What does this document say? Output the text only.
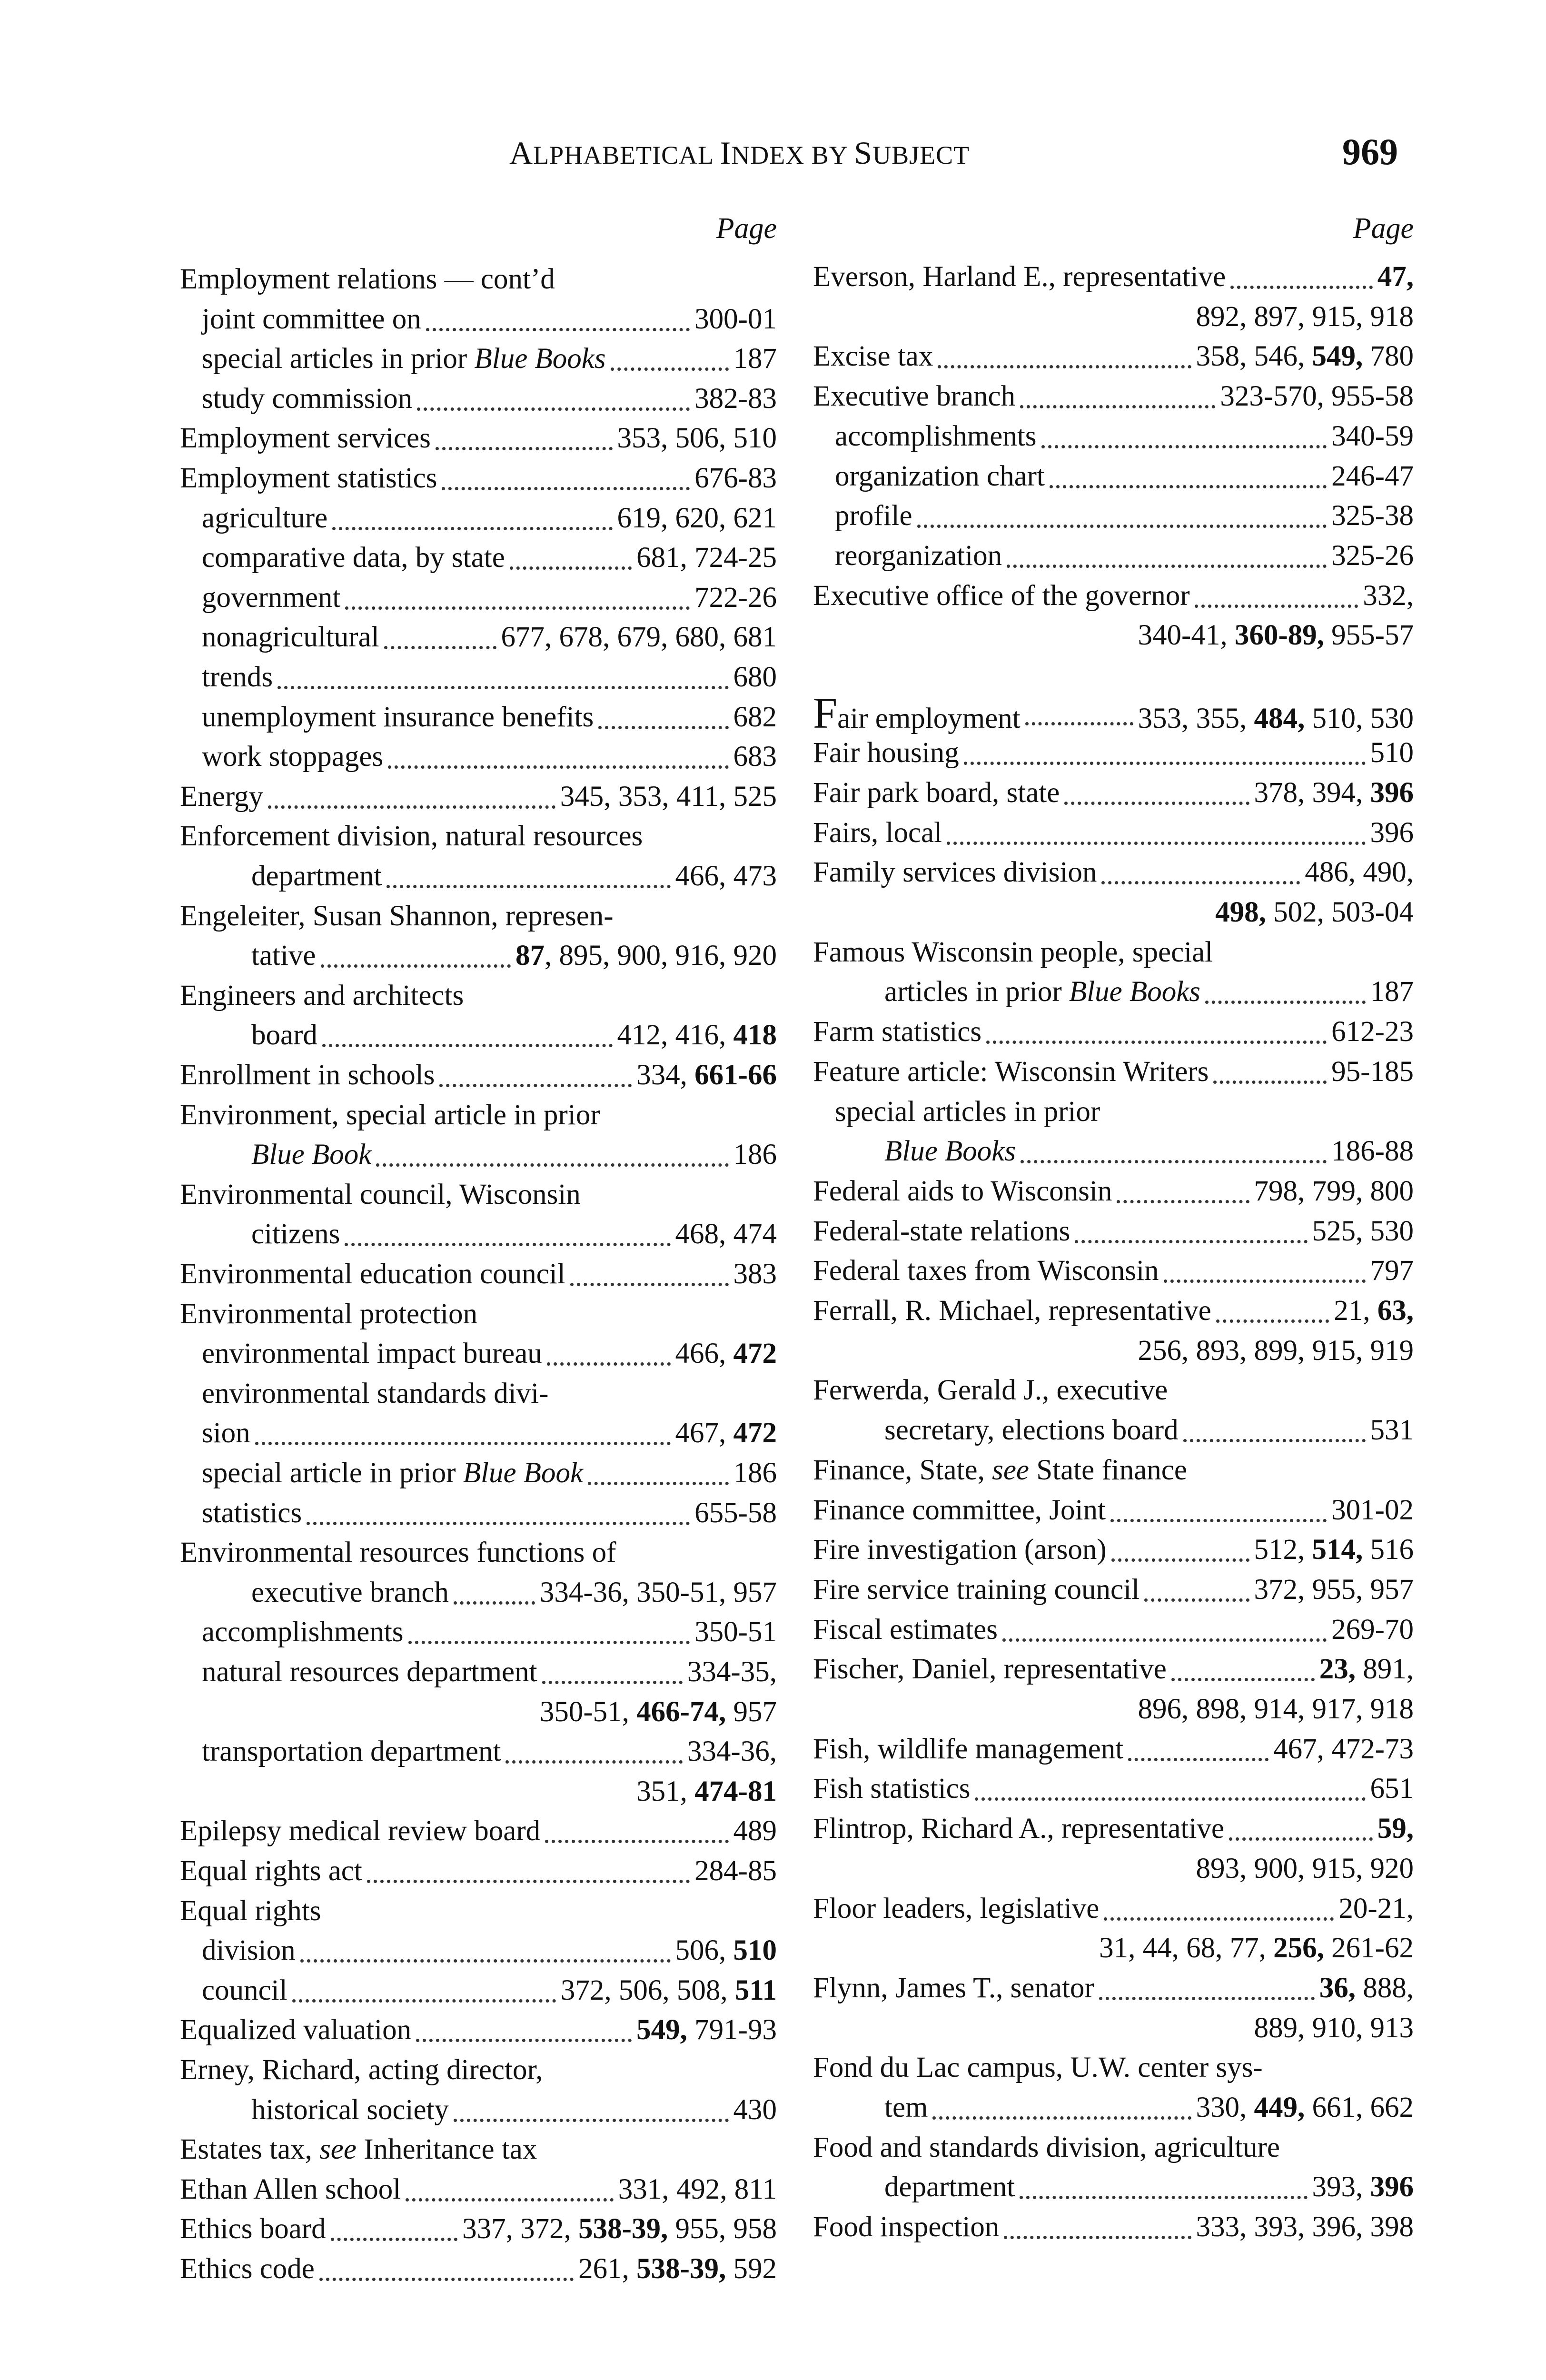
ALPHABETICAL INDEX BY SUBJECT	969
Page
Employment relations — cont’d
joint committee on	300-01
special articles in prior Blue Books	187
study commission	382-83
Employment services	353, 506, 510
Employment statistics	676-83
agriculture	619, 620, 621
comparative data, by state	681, 724-25
government	722-26
nonagricultural	677, 678, 679, 680, 681
trends	680
unemployment insurance benefits	682
work stoppages	683
Energy	345, 353, 411, 525
Enforcement division, natural resources
department	466, 473
Engeleiter, Susan Shannon, represen-
tative	87, 895, 900, 916, 920
Engineers and architects
board	412, 416, 418
Enrollment in schools	334, 661-66
Environment, special article in prior
Blue Book	186
Environmental council, Wisconsin
citizens	468, 474
Environmental education council	383
Environmental protection
environmental impact bureau	466, 472
environmental standards divi-
sion	467, 472
special article in prior Blue Book	186
statistics	655-58
Environmental resources functions of
executive branch	334-36, 350-51, 957
accomplishments	350-51
natural resources department	334-35,
350-51, 466-74, 957
transportation department	334-36,
351, 474-81
Epilepsy medical review board	489
Equal rights act	284-85
Equal rights
division	506, 510
council	372, 506, 508, 511
Equalized valuation	549, 791-93
Erney, Richard, acting director,
historical society	430
Estates tax, see Inheritance tax
Ethan Allen school	331, 492, 811
Ethics board	337, 372, 538-39, 955, 958
Ethics code	261, 538-39, 592
Page
Everson, Harland E., representative	47,
892, 897, 915, 918
Excise tax	358, 546, 549, 780
Executive branch	323-570, 955-58
accomplishments	340-59
organization chart	246-47
profile	325-38
reorganization	325-26
Executive office of the governor	332,
340-41, 360-89, 955-57
Fair employment	353, 355, 484, 510, 530
Fair housing	510
Fair park board, state	378, 394, 396
Fairs, local	396
Family services division	486, 490,
498, 502, 503-04
Famous Wisconsin people, special
articles in prior Blue Books	187
Farm statistics	612-23
Feature article: Wisconsin Writers	95-185
special articles in prior
Blue Books	186-88
Federal aids to Wisconsin	798, 799, 800
Federal-state relations	525, 530
Federal taxes from Wisconsin	797
Ferrall, R. Michael, representative	21, 63,
256, 893, 899, 915, 919
Ferwerda, Gerald J., executive
secretary, elections board	531
Finance, State, see State finance
Finance committee, Joint	301-02
Fire investigation (arson)	512, 514, 516
Fire service training council	372, 955, 957
Fiscal estimates	269-70
Fischer, Daniel, representative	23, 891,
896, 898, 914, 917, 918
Fish, wildlife management	467, 472-73
Fish statistics	651
Flintrop, Richard A., representative	59,
893, 900, 915, 920
Floor leaders, legislative	20-21,
31, 44, 68, 77, 256, 261-62
Flynn, James T., senator	36, 888,
889, 910, 913
Fond du Lac campus, U.W. center sys-
tem	330, 449, 661, 662
Food and standards division, agriculture
department	393, 396
Food inspection	333, 393, 396, 398
